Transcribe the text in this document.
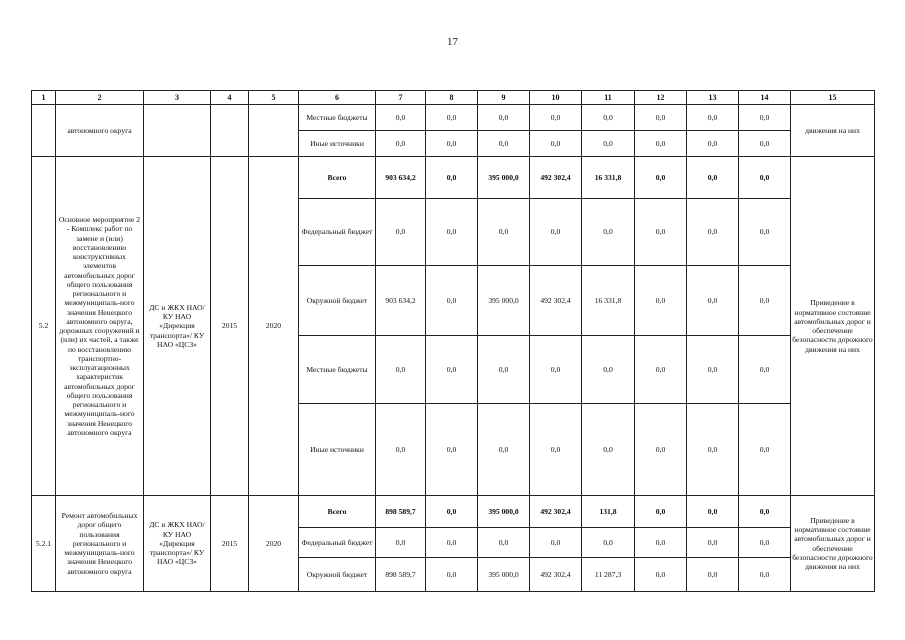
17
1	2	3	4	5	6	7	8	9	10	11	12	13	14	15
	автономного округа				Местные бюджеты	0,0	0,0	0,0	0,0	0,0	0,0	0,0	0,0	движения на них
					Иные источники	0,0	0,0	0,0	0,0	0,0	0,0	0,0	0,0	
5.2	Основное мероприятие 2 - Комплекс работ по замене и (или) восстановлению конструктивных элементов автомобильных дорог общего пользования регионального и межмуниципаль-ного значения Ненецкого автономного округа, дорожных сооружений и (или) их частей, а также по восстановлению транспортно-эксплуатационных характеристик автомобильных дорог общего пользования регионального и межмуниципаль-ного значения Ненецкого автономного округа	ДС и ЖКХ НАО/КУ НАО «Дирекция транспорта»/ КУ НАО «ЦСЗ»	2015	2020	Всего	903 634,2	0,0	395 000,0	492 302,4	16 331,8	0,0	0,0	0,0	Приведение в нормативное состояние автомобильных дорог и обеспечение безопасности дорожного движения на них
					Федеральный бюджет	0,0	0,0	0,0	0,0	0,0	0,0	0,0	0,0	
					Окружной бюджет	903 634,2	0,0	395 000,0	492 302,4	16 331,8	0,0	0,0	0,0	
					Местные бюджеты	0,0	0,0	0,0	0,0	0,0	0,0	0,0	0,0	
					Иные источники	0,0	0,0	0,0	0,0	0,0	0,0	0,0	0,0	
5.2.1	Ремонт автомобильных дорог общего пользования регионального и межмуниципаль-ного значения Ненецкого автономного округа	ДС и ЖКХ НАО/КУ НАО «Дирекция транспорта»/ КУ НАО «ЦСЗ»	2015	2020	Всего	898 589,7	0,0	395 000,0	492 302,4	131,8	0,0	0,0	0,0	Приведение в нормативное состояние автомобильных дорог и обеспечение безопасности дорожного движения на них
					Федеральный бюджет	0,0	0,0	0,0	0,0	0,0	0,0	0,0	0,0	
					Окружной бюджет	898 589,7	0,0	395 000,0	492 302,4	11 287,3	0,0	0,0	0,0	
